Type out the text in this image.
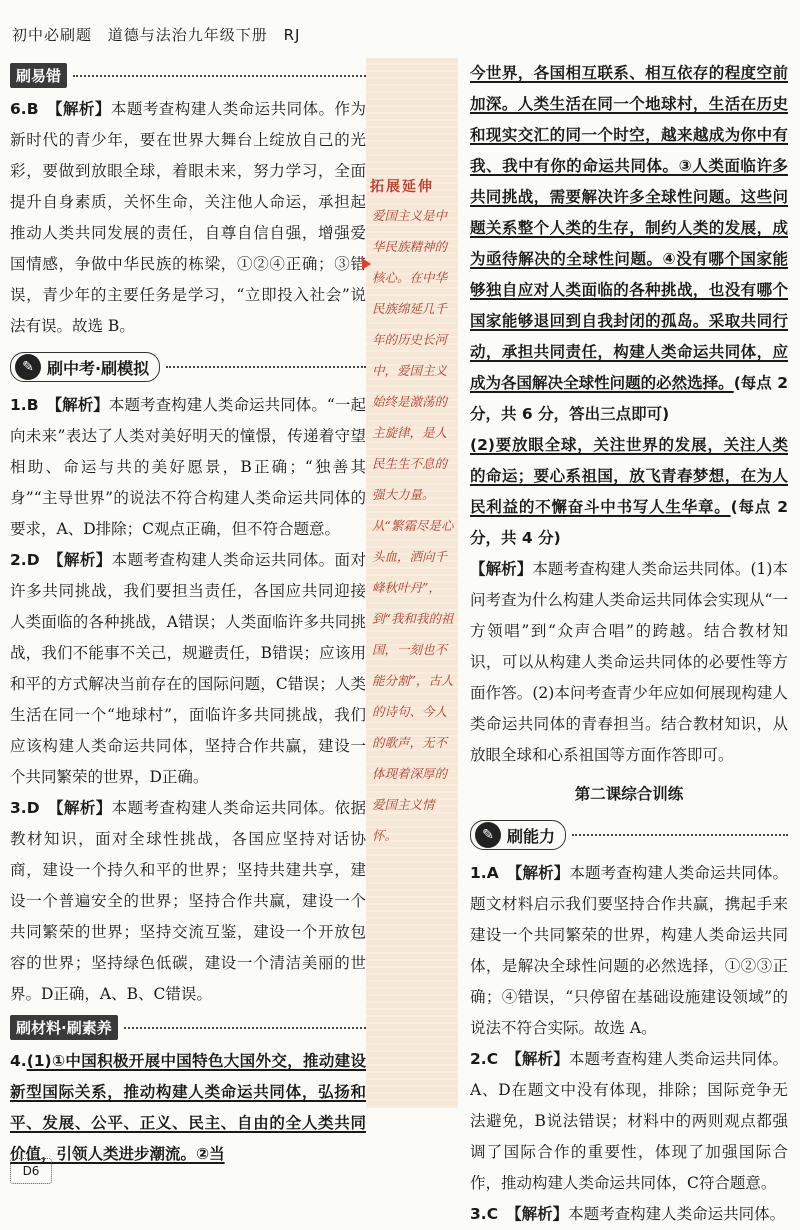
初中必刷题 道德与法治九年级下册 RJ
刷易错

6.B 【解析】本题考查构建人类命运共同体。作为新时代的青少年，要在世界大舞台上绽放自己的光彩，要做到放眼全球，着眼未来，努力学习，全面提升自身素质，关怀生命，关注他人命运，承担起推动人类共同发展的责任，自尊自信自强，增强爱国情感，争做中华民族的栋梁，①②④正确；③错误，青少年的主要任务是学习，“立即投入社会”说法有误。故选 B。

✎ 刷中考·刷模拟

1.B 【解析】本题考查构建人类命运共同体。“一起向未来”表达了人类对美好明天的憧憬，传递着守望相助、命运与共的美好愿景，B正确；“独善其身”“主导世界”的说法不符合构建人类命运共同体的要求，A、D排除；C观点正确，但不符合题意。

2.D 【解析】本题考查构建人类命运共同体。面对许多共同挑战，我们要担当责任，各国应共同迎接人类面临的各种挑战，A错误；人类面临许多共同挑战，我们不能事不关己，规避责任，B错误；应该用和平的方式解决当前存在的国际问题，C错误；人类生活在同一个“地球村”，面临许多共同挑战，我们应该构建人类命运共同体，坚持合作共赢，建设一个共同繁荣的世界，D正确。

3.D 【解析】本题考查构建人类命运共同体。依据教材知识，面对全球性挑战，各国应坚持对话协商，建设一个持久和平的世界；坚持共建共享，建设一个普遍安全的世界；坚持合作共赢，建设一个共同繁荣的世界；坚持交流互鉴，建设一个开放包容的世界；坚持绿色低碳，建设一个清洁美丽的世界。D正确，A、B、C错误。

刷材料·刷素养

4.(1)①中国积极开展中国特色大国外交，推动建设新型国际关系，推动构建人类命运共同体，弘扬和平、发展、公平、正义、民主、自由的全人类共同价值，引领人类进步潮流。②当

拓展延伸

爱国主义是中华民族精神的核心。在中华民族绵延几千年的历史长河中，爱国主义始终是激荡的主旋律，是人民生生不息的强大力量。从“繁霜尽是心头血，洒向千峰秋叶丹”，到“我和我的祖国，一刻也不能分割”，古人的诗句、今人的歌声，无不体现着深厚的爱国主义情怀。

今世界，各国相互联系、相互依存的程度空前加深。人类生活在同一个地球村，生活在历史和现实交汇的同一个时空，越来越成为你中有我、我中有你的命运共同体。③人类面临许多共同挑战，需要解决许多全球性问题。这些问题关系整个人类的生存，制约人类的发展，成为亟待解决的全球性问题。④没有哪个国家能够独自应对人类面临的各种挑战，也没有哪个国家能够退回到自我封闭的孤岛。采取共同行动，承担共同责任，构建人类命运共同体，应成为各国解决全球性问题的必然选择。(每点 2 分，共 6 分，答出三点即可)

(2)要放眼全球，关注世界的发展，关注人类的命运；要心系祖国，放飞青春梦想，在为人民利益的不懈奋斗中书写人生华章。(每点 2 分，共 4 分)

【解析】本题考查构建人类命运共同体。(1)本问考查为什么构建人类命运共同体会实现从“一方领唱”到“众声合唱”的跨越。结合教材知识，可以从构建人类命运共同体的必要性等方面作答。(2)本问考查青少年应如何展现构建人类命运共同体的青春担当。结合教材知识，从放眼全球和心系祖国等方面作答即可。

第二课综合训练
✎ 刷能力

1.A 【解析】本题考查构建人类命运共同体。题文材料启示我们要坚持合作共赢，携起手来建设一个共同繁荣的世界，构建人类命运共同体，是解决全球性问题的必然选择，①②③正确；④错误，“只停留在基础设施建设领域”的说法不符合实际。故选 A。

2.C 【解析】本题考查构建人类命运共同体。A、D在题文中没有体现，排除；国际竞争无法避免，B说法错误；材料中的两则观点都强调了国际合作的重要性，体现了加强国际合作，推动构建人类命运共同体，C符合题意。

3.C 【解析】本题考查构建人类命运共同体。

D6
